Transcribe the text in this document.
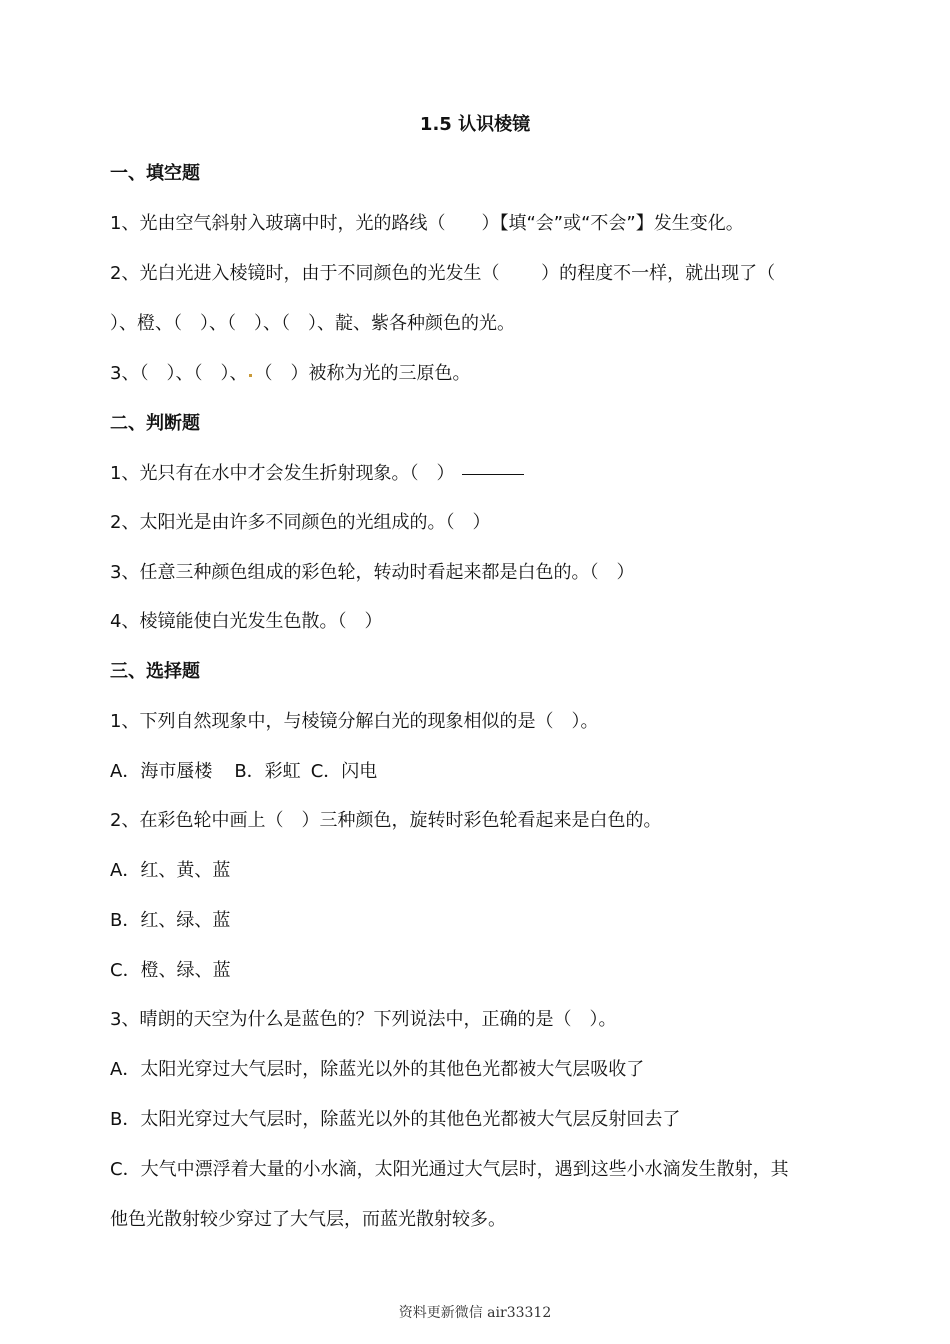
1.5 认识棱镜
一、填空题
1、光由空气斜射入玻璃中时，光的路线（　　）【填“会”或“不会”】发生变化。
2、光白光进入棱镜时，由于不同颜色的光发生（　　 ）的程度不一样，就出现了（
）、橙、（　）、（　）、（　）、靛、紫各种颜色的光。
3、（　）、（　）、 （　）被称为光的三原色。
二、判断题
1、光只有在水中才会发生折射现象。（　）
2、太阳光是由许多不同颜色的光组成的。（　）
3、任意三种颜色组成的彩色轮，转动时看起来都是白色的。（　）
4、棱镜能使白光发生色散。（　）
三、选择题
1、下列自然现象中，与棱镜分解白光的现象相似的是（　）。
A．海市蜃楼 B．彩虹 C．闪电
2、在彩色轮中画上（　）三种颜色，旋转时彩色轮看起来是白色的。
A．红、黄、蓝
B．红、绿、蓝
C．橙、绿、蓝
3、晴朗的天空为什么是蓝色的？下列说法中，正确的是（　）。
A．太阳光穿过大气层时，除蓝光以外的其他色光都被大气层吸收了
B．太阳光穿过大气层时，除蓝光以外的其他色光都被大气层反射回去了
C．大气中漂浮着大量的小水滴，太阳光通过大气层时，遇到这些小水滴发生散射，其
他色光散射较少穿过了大气层，而蓝光散射较多。
资料更新微信 air33312
